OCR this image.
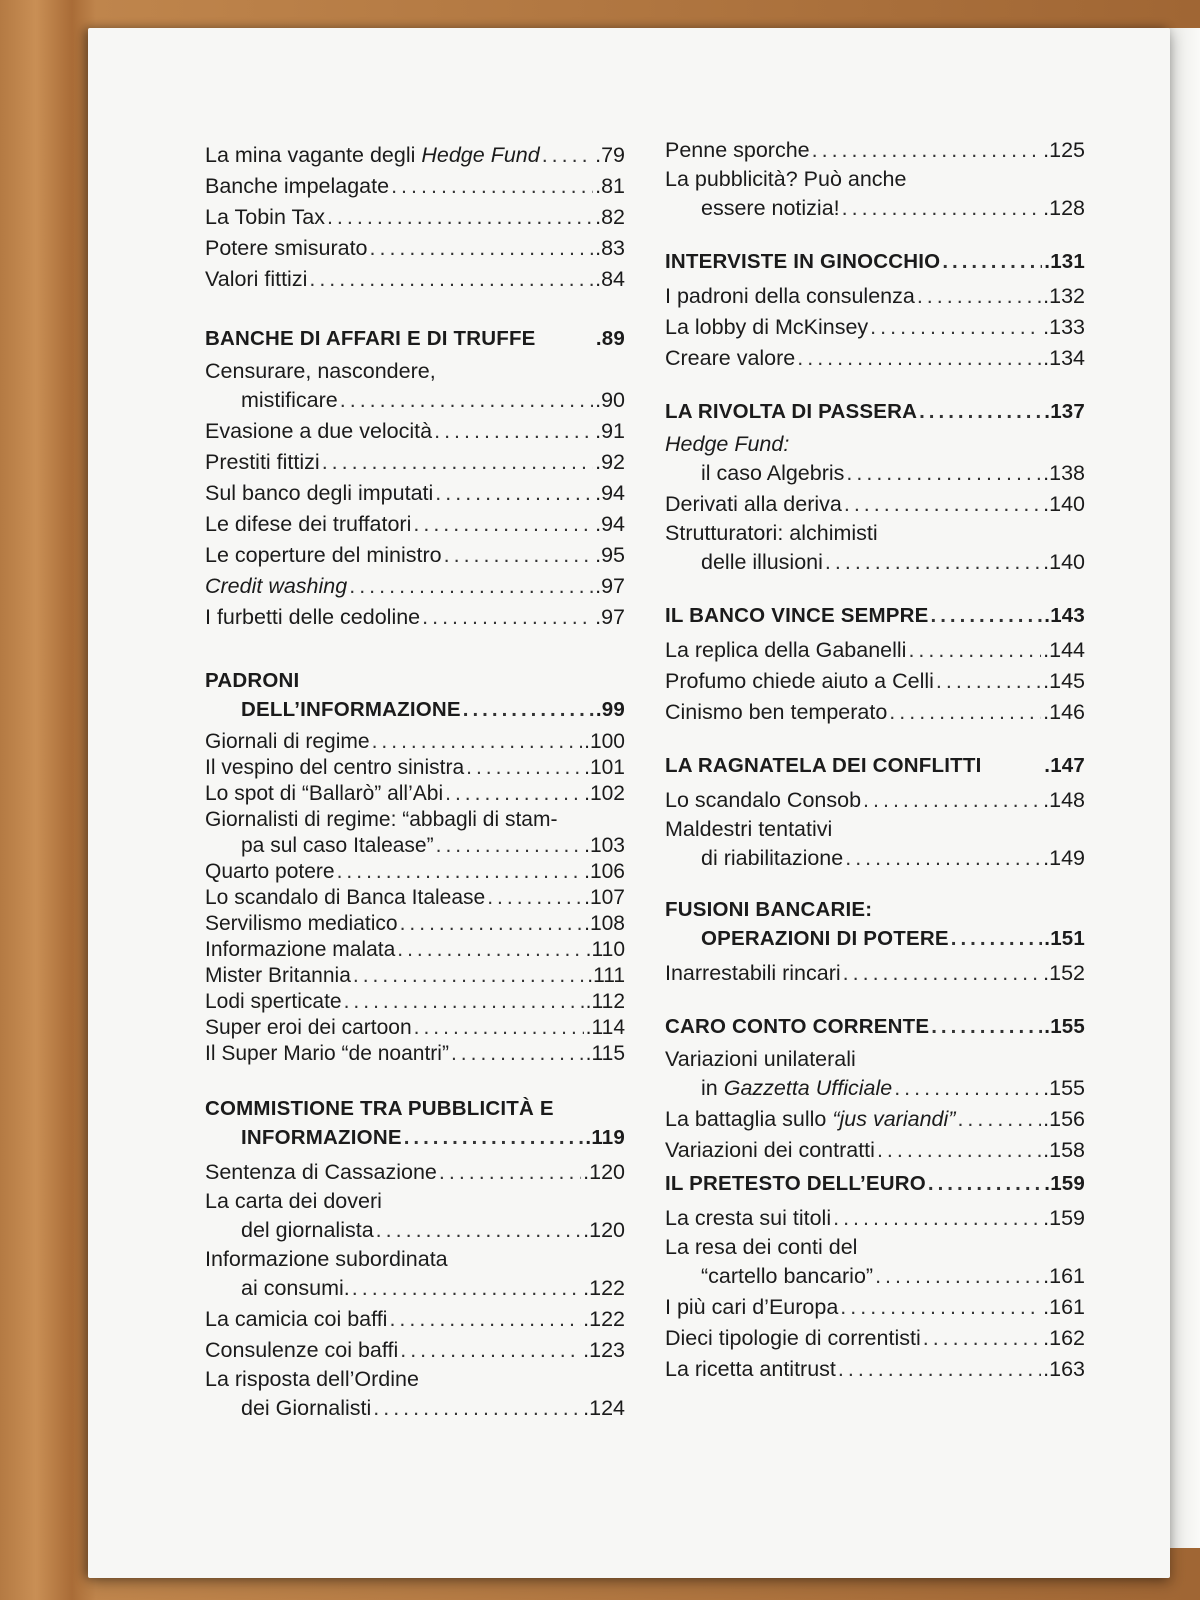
La mina vagante degli Hedge Fund .....	. 79
Banche impelagate .....	. 81
La Tobin Tax .....	. 82
Potere smisurato .....	. 83
Valori fittizi .....	. 84
BANCHE DI AFFARI E DI TRUFFE	. 89
Censurare, nascondere,
mistificare .....	. 90
Evasione a due velocità .....	. 91
Prestiti fittizi .....	. 92
Sul banco degli imputati .....	. 94
Le difese dei truffatori .....	. 94
Le coperture del ministro .....	. 95
Credit washing .....	. 97
I furbetti delle cedoline .....	. 97
PADRONI
DELL’INFORMAZIONE .....	. 99
Giornali di regime .....	. 100
Il vespino del centro sinistra .....	. 101
Lo spot di “Ballarò” all’Abi .....	. 102
Giornalisti di regime: “abbagli di stam-
pa sul caso Italease” .....	. 103
Quarto potere .....	. 106
Lo scandalo di Banca Italease .....	. 107
Servilismo mediatico .....	. 108
Informazione malata .....	. 110
Mister Britannia .....	. 111
Lodi sperticate .....	. 112
Super eroi dei cartoon .....	. 114
Il Super Mario “de noantri” .....	. 115
COMMISTIONE TRA PUBBLICITÀ E
INFORMAZIONE .....	. 119
Sentenza di Cassazione .....	. 120
La carta dei doveri
del giornalista .....	. 120
Informazione subordinata
ai consumi. .....	. 122
La camicia coi baffi .....	. 122
Consulenze coi baffi .....	. 123
La risposta dell’Ordine
dei Giornalisti .....	. 124
Penne sporche .....	. 125
La pubblicità? Può anche
essere notizia! .....	. 128
INTERVISTE IN GINOCCHIO .....	. 131
I padroni della consulenza .....	. 132
La lobby di McKinsey .....	. 133
Creare valore .....	. 134
LA RIVOLTA DI PASSERA .....	. 137
Hedge Fund:
il caso Algebris .....	. 138
Derivati alla deriva .....	. 140
Strutturatori: alchimisti
delle illusioni .....	. 140
IL BANCO VINCE SEMPRE .....	. 143
La replica della Gabanelli .....	. 144
Profumo chiede aiuto a Celli .....	. 145
Cinismo ben temperato .....	. 146
LA RAGNATELA DEI CONFLITTI	. 147
Lo scandalo Consob .....	. 148
Maldestri tentativi
di riabilitazione .....	. 149
FUSIONI BANCARIE:
OPERAZIONI DI POTERE .....	. 151
Inarrestabili rincari .....	. 152
CARO CONTO CORRENTE .....	. 155
Variazioni unilaterali
in Gazzetta Ufficiale .....	. 155
La battaglia sullo “jus variandi” .....	. 156
Variazioni dei contratti .....	. 158
IL PRETESTO DELL’EURO .....	. 159
La cresta sui titoli .....	. 159
La resa dei conti del
“cartello bancario” .....	. 161
I più cari d’Europa .....	. 161
Dieci tipologie di correntisti .....	. 162
La ricetta antitrust .....	. 163
